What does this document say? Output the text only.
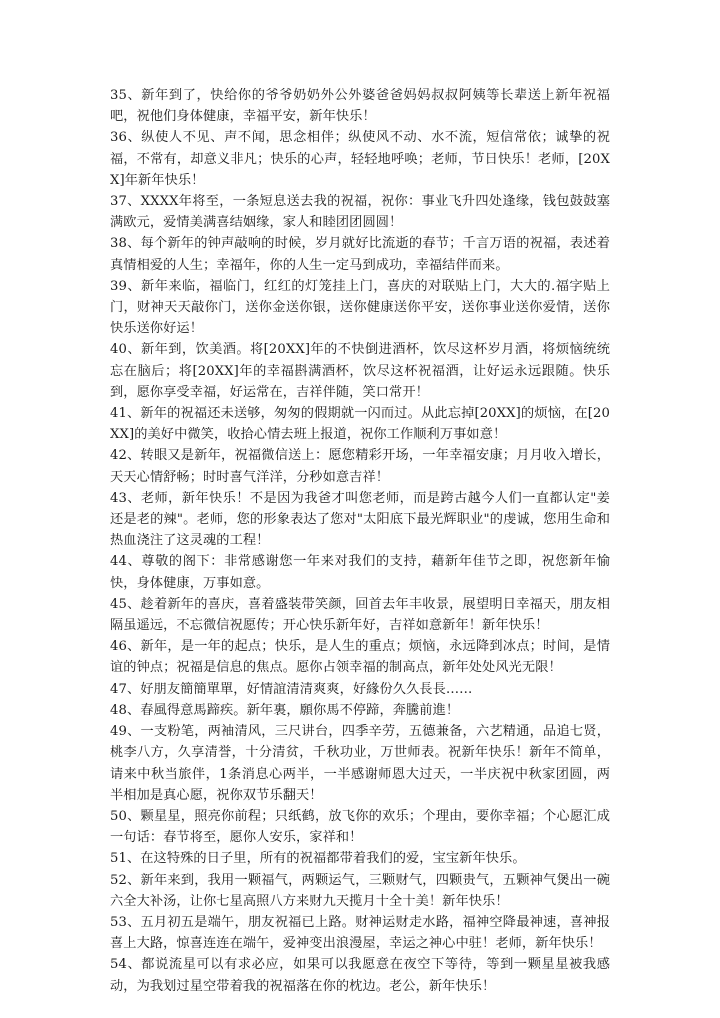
35、新年到了，快给你的爷爷奶奶外公外婆爸爸妈妈叔叔阿姨等长辈送上新年祝福吧，祝他们身体健康，幸福平安，新年快乐！

36、纵使人不见、声不闻，思念相伴；纵使风不动、水不流，短信常依；诚挚的祝福，不常有，却意义非凡；快乐的心声，轻轻地呼唤；老师，节日快乐！老师，[20XX]年新年快乐！

37、XXXX年将至，一条短息送去我的祝福，祝你：事业飞升四处逢缘，钱包鼓鼓塞满欧元，爱情美满喜结姻缘，家人和睦团团圆圆！

38、每个新年的钟声敲响的时候，岁月就好比流逝的春节；千言万语的祝福，表述着真情相爱的人生；幸福年，你的人生一定马到成功，幸福结伴而来。

39、新年来临，福临门，红红的灯笼挂上门，喜庆的对联贴上门，大大的.福字贴上门，财神天天敲你门，送你金送你银，送你健康送你平安，送你事业送你爱情，送你快乐送你好运！

40、新年到，饮美酒。将[20XX]年的不快倒进酒杯，饮尽这杯岁月酒，将烦恼统统忘在脑后；将[20XX]年的幸福斟满酒杯，饮尽这杯祝福酒，让好运永远跟随。快乐到，愿你享受幸福，好运常在，吉祥伴随，笑口常开！

41、新年的祝福还未送够，匆匆的假期就一闪而过。从此忘掉[20XX]的烦恼，在[20XX]的美好中微笑，收拾心情去班上报道，祝你工作顺利万事如意！

42、转眼又是新年，祝福微信送上：愿您精彩开场，一年幸福安康；月月收入增长，天天心情舒畅；时时喜气洋洋，分秒如意吉祥！

43、老师，新年快乐！不是因为我爸才叫您老师，而是跨古越今人们一直都认定"姜还是老的辣"。老师，您的形象表达了您对"太阳底下最光辉职业"的虔诚，您用生命和热血浇注了这灵魂的工程！

44、尊敬的阁下：非常感谢您一年来对我们的支持，藉新年佳节之即，祝您新年愉快，身体健康，万事如意。

45、趁着新年的喜庆，喜着盛装带笑颜，回首去年丰收景，展望明日幸福天，朋友相隔虽遥远，不忘微信祝愿传；开心快乐新年好，吉祥如意新年！新年快乐！

46、新年，是一年的起点；快乐，是人生的重点；烦恼，永远降到冰点；时间，是情谊的钟点；祝福是信息的焦点。愿你占领幸福的制高点，新年处处风光无限！

47、好朋友簡簡單單，好情誼清清爽爽，好緣份久久長長……

48、春風得意馬蹄疾。新年裏，願你馬不停蹄，奔騰前進！

49、一支粉笔，两袖清风，三尺讲台，四季辛劳，五德兼备，六艺精通，品追七贤，桃李八方，久享清誉，十分清贫，千秋功业，万世师表。祝新年快乐！新年不简单，请来中秋当旅伴，1条消息心两半，一半感谢师恩大过天，一半庆祝中秋家团圆，两半相加是真心愿，祝你双节乐翻天！

50、颗星星，照亮你前程；只纸鹤，放飞你的欢乐；个理由，要你幸福；个心愿汇成一句话：春节将至，愿你人安乐，家祥和！

51、在这特殊的日子里，所有的祝福都带着我们的爱，宝宝新年快乐。

52、新年来到，我用一颗福气，两颗运气，三颗财气，四颗贵气，五颗神气煲出一碗六全大补汤，让你七星高照八方来财九天揽月十全十美！新年快乐！

53、五月初五是端午，朋友祝福已上路。财神运财走水路，福神空降最神速，喜神报喜上大路，惊喜连连在端午，爱神变出浪漫屋，幸运之神心中驻！老师，新年快乐！

54、都说流星可以有求必应，如果可以我愿意在夜空下等待，等到一颗星星被我感动，为我划过星空带着我的祝福落在你的枕边。老公，新年快乐！
